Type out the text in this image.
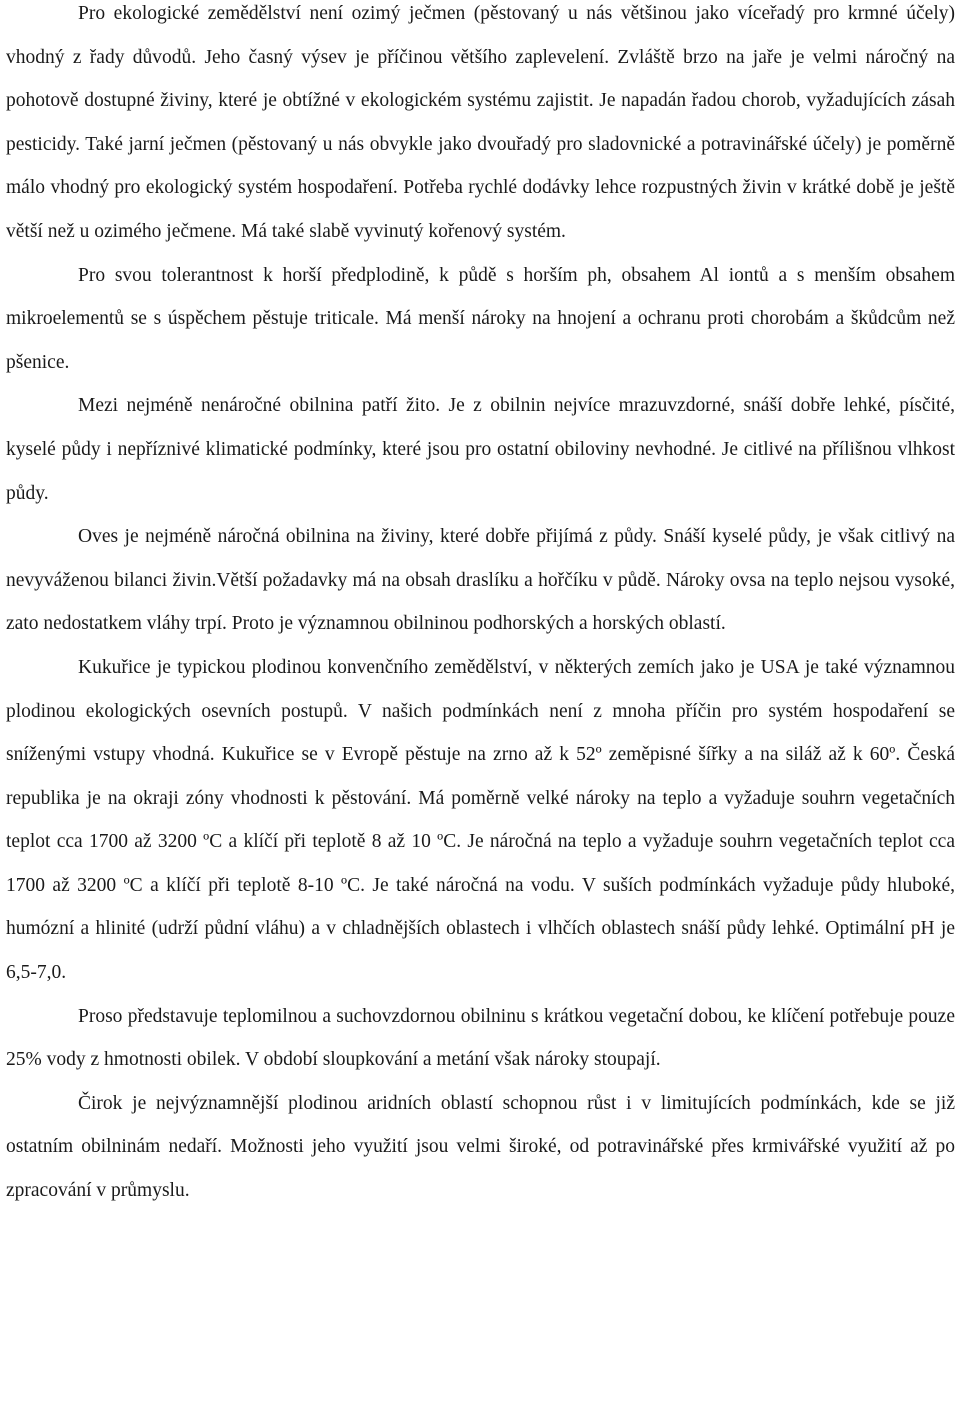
Pro ekologické zemědělství není ozimý ječmen (pěstovaný u nás většinou jako víceřadý pro krmné účely) vhodný z řady důvodů. Jeho časný výsev je příčinou většího zaplevelení. Zvláště brzo na jaře je velmi náročný na pohotově dostupné živiny, které je obtížné v ekologickém systému zajistit. Je napadán řadou chorob, vyžadujících zásah pesticidy. Také jarní ječmen (pěstovaný u nás obvykle jako dvouřadý pro sladovnické a potravinářské účely) je poměrně málo vhodný pro ekologický systém hospodaření. Potřeba rychlé dodávky lehce rozpustných živin v krátké době je ještě větší než u ozimého ječmene. Má také slabě vyvinutý kořenový systém.

Pro svou tolerantnost k horší předplodině, k půdě s horším ph, obsahem Al iontů a s menším obsahem mikroelementů se s úspěchem pěstuje triticale. Má menší nároky na hnojení a ochranu proti chorobám a škůdcům než pšenice.

Mezi nejméně nenáročné obilnina patří žito. Je z obilnin nejvíce mrazuvzdorné, snáší dobře lehké, písčité, kyselé půdy i nepříznivé klimatické podmínky, které jsou pro ostatní obiloviny nevhodné. Je citlivé na přílišnou vlhkost půdy.

Oves je nejméně náročná obilnina na živiny, které dobře přijímá z půdy. Snáší kyselé půdy, je však citlivý na nevyváženou bilanci živin.Větší požadavky má na obsah draslíku a hořčíku v půdě. Nároky ovsa na teplo nejsou vysoké, zato nedostatkem vláhy trpí. Proto je významnou obilninou podhorských a horských oblastí.

Kukuřice je typickou plodinou konvenčního zemědělství, v některých zemích jako je USA je také významnou plodinou ekologických osevních postupů. V našich podmínkách není z mnoha příčin pro systém hospodaření se sníženými vstupy vhodná. Kukuřice se v Evropě pěstuje na zrno až k 52º zeměpisné šířky a na siláž až k 60º. Česká republika je na okraji zóny vhodnosti k pěstování. Má poměrně velké nároky na teplo a vyžaduje souhrn vegetačních teplot cca 1700 až 3200 ºC a klíčí při teplotě 8 až 10 ºC. Je náročná na teplo a vyžaduje souhrn vegetačních teplot cca 1700 až 3200 ºC a klíčí při teplotě 8-10 ºC. Je také náročná na vodu. V suších podmínkách vyžaduje půdy hluboké, humózní a hlinité (udrží půdní vláhu) a v chladnějších oblastech i vlhčích oblastech snáší půdy lehké. Optimální pH je 6,5-7,0.

Proso představuje teplomilnou a suchovzdornou obilninu s krátkou vegetační dobou, ke klíčení potřebuje pouze 25% vody z hmotnosti obilek. V období sloupkování a metání však nároky stoupají.

Čirok je nejvýznamnější plodinou aridních oblastí schopnou růst i v limitujících podmínkách, kde se již ostatním obilninám nedaří. Možnosti jeho využití jsou velmi široké, od potravinářské přes krmivářské využití až po zpracování v průmyslu.
